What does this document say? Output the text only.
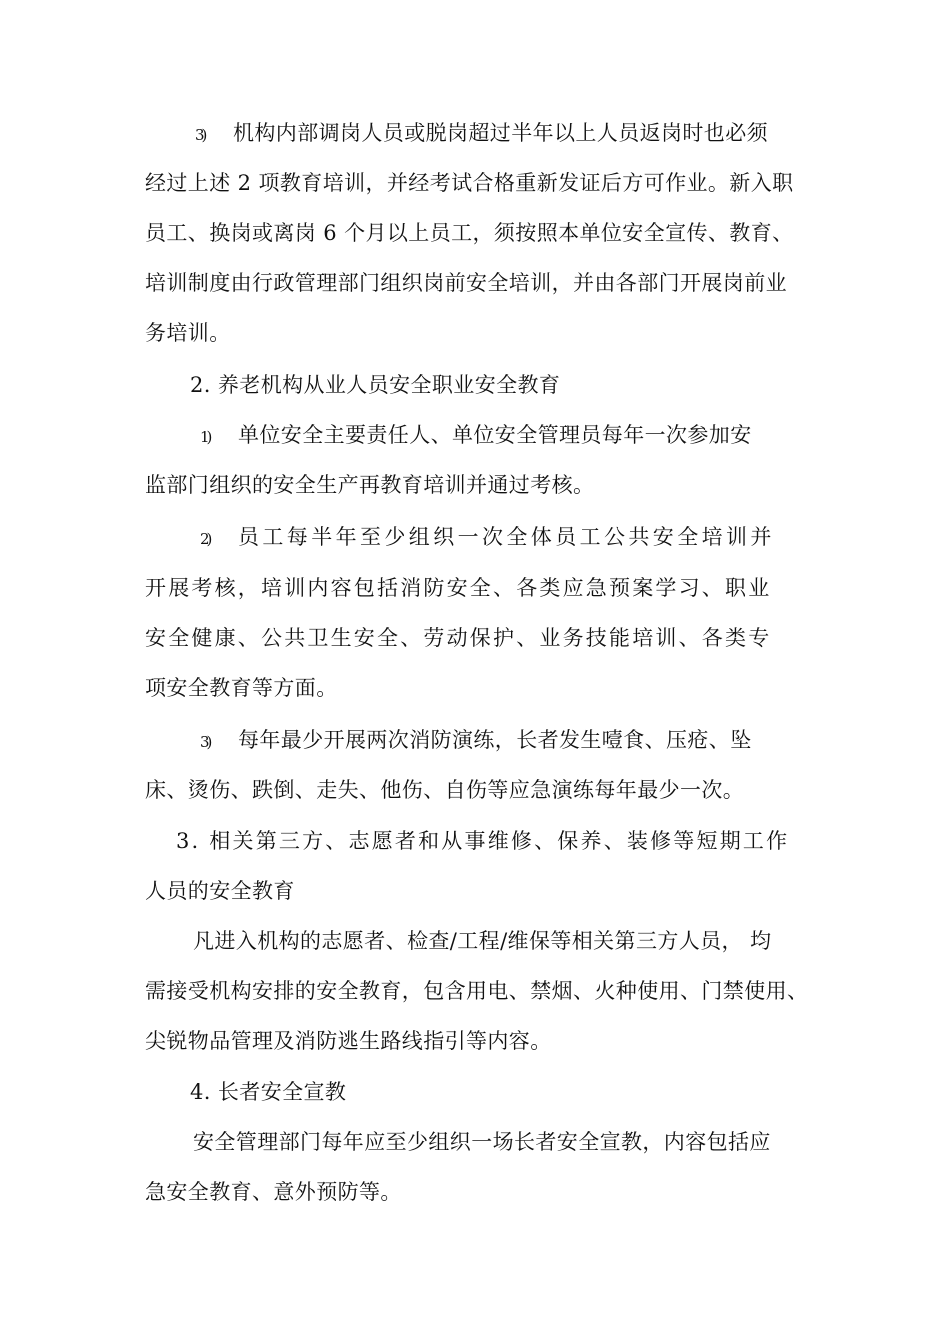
3) 机构内部调岗人员或脱岗超过半年以上人员返岗时也必须
经过上述 2 项教育培训，并经考试合格重新发证后方可作业。新入职
员工、换岗或离岗 6 个月以上员工，须按照本单位安全宣传、教育、
培训制度由行政管理部门组织岗前安全培训，并由各部门开展岗前业
务培训。
2. 养老机构从业人员安全职业安全教育
1) 单位安全主要责任人、单位安全管理员每年一次参加安
监部门组织的安全生产再教育培训并通过考核。
2) 员工每半年至少组织一次全体员工公共安全培训并
开展考核，培训内容包括消防安全、各类应急预案学习、职业
安全健康、公共卫生安全、劳动保护、业务技能培训、各类专
项安全教育等方面。
3) 每年最少开展两次消防演练，长者发生噎食、压疮、坠
床、烫伤、跌倒、走失、他伤、自伤等应急演练每年最少一次。
3. 相关第三方、志愿者和从事维修、保养、装修等短期工作
人员的安全教育
凡进入机构的志愿者、检查/工程/维保等相关第三方人员， 均
需接受机构安排的安全教育，包含用电、禁烟、火种使用、门禁使用、
尖锐物品管理及消防逃生路线指引等内容。
4. 长者安全宣教
安全管理部门每年应至少组织一场长者安全宣教，内容包括应
急安全教育、意外预防等。
